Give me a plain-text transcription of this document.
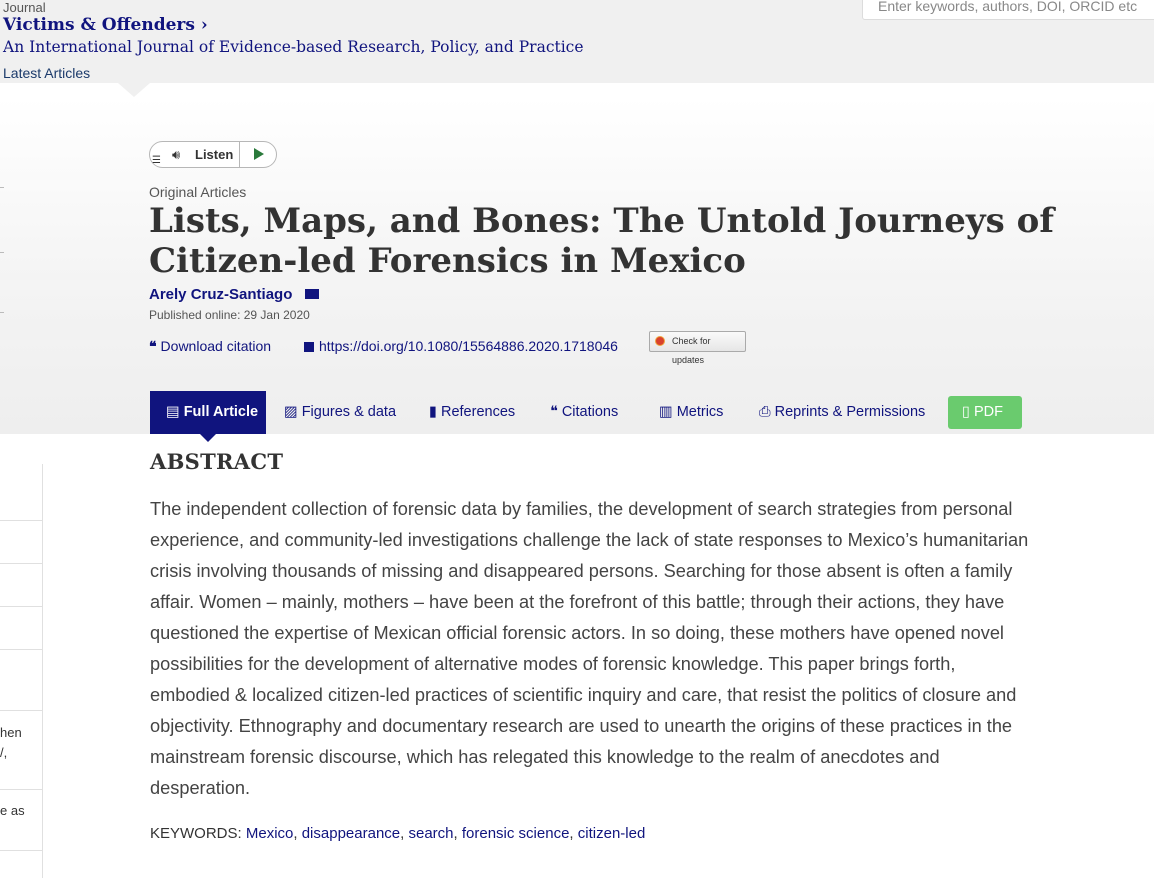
Journal
Victims & Offenders ›
An International Journal of Evidence-based Research, Policy, and Practice
Latest Articles
Enter keywords, authors, DOI, ORCID etc
☰ 🔊︎ Listen
Original Articles
Lists, Maps, and Bones: The Untold Journeys of Citizen-led Forensics in Mexico
Arely Cruz-Santiago
Published online: 29 Jan 2020
❝ Download citation	https://doi.org/10.1080/15564886.2020.1718046	Check for updates
▤ Full Article	▨ Figures & data ▮ References ❝ Citations	▥ Metrics ⎙ Reprints & Permissions	▯ PDF
hen
/,
e as
ABSTRACT

The independent collection of forensic data by families, the development of search strategies from personal experience, and community-led investigations challenge the lack of state responses to Mexico’s humanitarian crisis involving thousands of missing and disappeared persons. Searching for those absent is often a family affair. Women – mainly, mothers – have been at the forefront of this battle; through their actions, they have questioned the expertise of Mexican official forensic actors. In so doing, these mothers have opened novel possibilities for the development of alternative modes of forensic knowledge. This paper brings forth, embodied & localized citizen-led practices of scientific inquiry and care, that resist the politics of closure and objectivity. Ethnography and documentary research are used to unearth the origins of these practices in the mainstream forensic discourse, which has relegated this knowledge to the realm of anecdotes and desperation.

KEYWORDS: Mexico, disappearance, search, forensic science, citizen-led
